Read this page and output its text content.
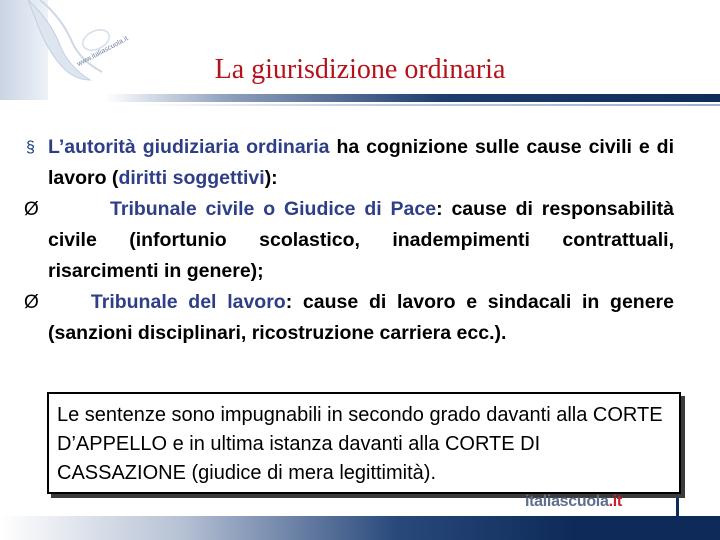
www.italiascuola.it
La giurisdizione ordinaria

§ L’autorità giudiziaria ordinaria ha cognizione sulle cause civili e di lavoro (diritti soggettivi):

Ø Tribunale civile o Giudice di Pace: cause di responsabilità civile (infortunio scolastico, inadempimenti contrattuali, risarcimenti in genere);

Ø Tribunale del lavoro: cause di lavoro e sindacali in genere (sanzioni disciplinari, ricostruzione carriera ecc.).

Le sentenze sono impugnabili in secondo grado davanti alla CORTE D’APPELLO e in ultima istanza davanti alla CORTE DI CASSAZIONE (giudice di mera legittimità).
italiascuola.it
